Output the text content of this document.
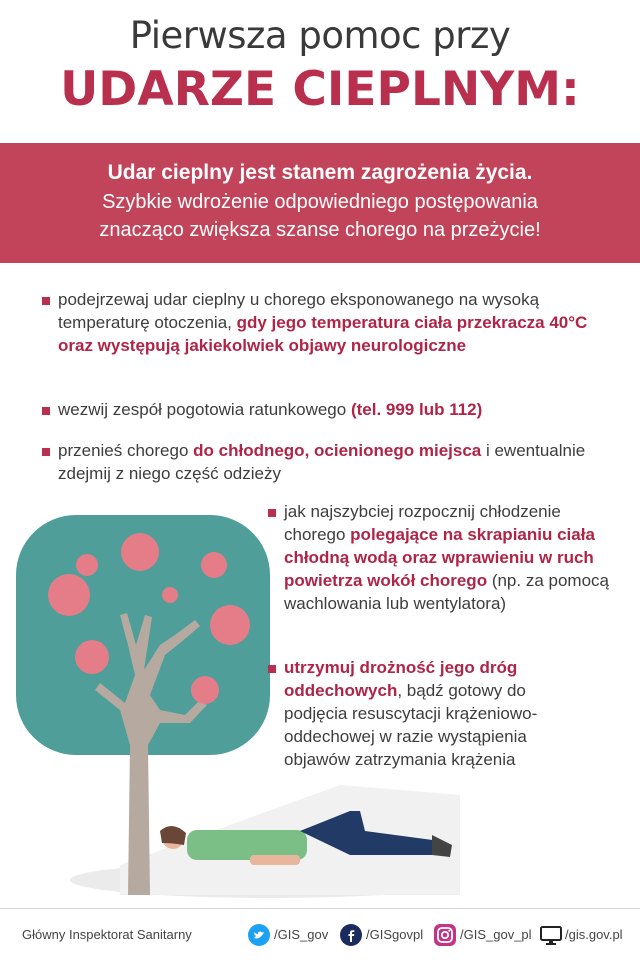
Pierwsza pomoc przy
UDARZE CIEPLNYM:
Udar cieplny jest stanem zagrożenia życia.
Szybkie wdrożenie odpowiedniego postępowania
znacząco zwiększa szanse chorego na przeżycie!
podejrzewaj udar cieplny u chorego eksponowanego na wysoką temperaturę otoczenia, gdy jego temperatura ciała przekracza 40°C oraz występują jakiekolwiek objawy neurologiczne
wezwij zespół pogotowia ratunkowego (tel. 999 lub 112)
przenieś chorego do chłodnego, ocienionego miejsca i ewentualnie zdejmij z niego część odzieży
jak najszybciej rozpocznij chłodzenie chorego polegające na skrapianiu ciała chłodną wodą oraz wprawieniu w ruch powietrza wokół chorego (np. za pomocą wachlowania lub wentylatora)
utrzymuj drożność jego dróg oddechowych, bądź gotowy do podjęcia resuscytacji krążeniowo-oddechowej w razie wystąpienia objawów zatrzymania krążenia
Główny Inspektorat Sanitarny	/GIS_gov	/GISgovpl	/GIS_gov_pl	/gis.gov.pl
